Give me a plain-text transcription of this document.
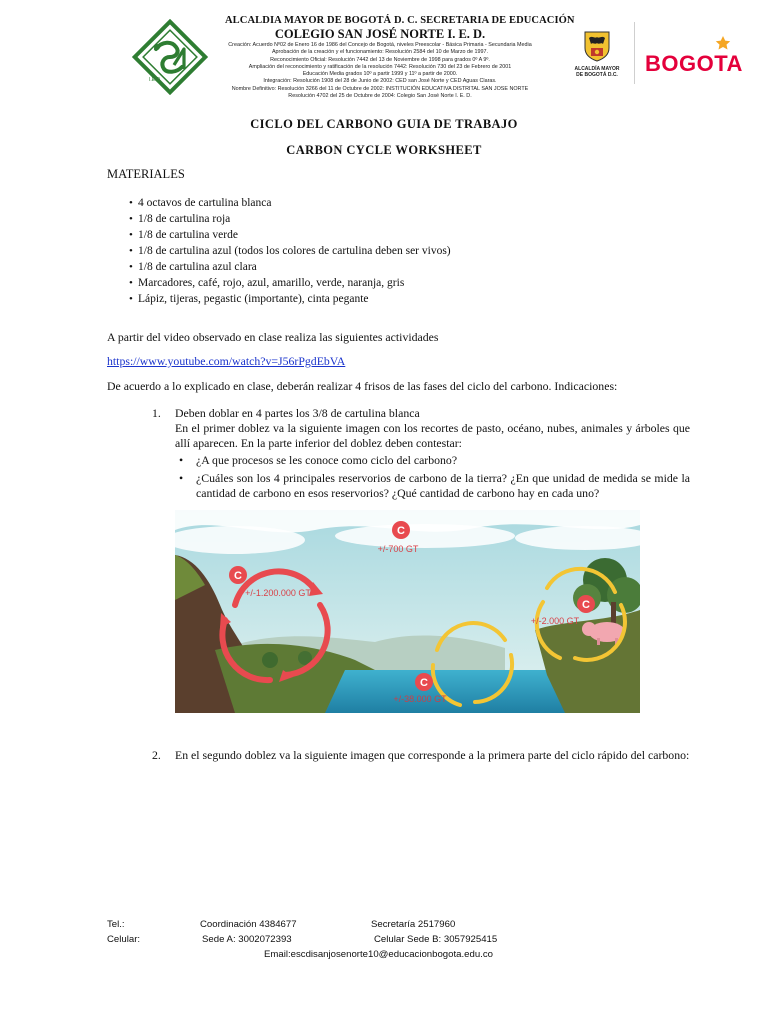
I.E.D.
ALCALDIA MAYOR DE BOGOTÁ D. C. SECRETARIA DE EDUCACIÓN
COLEGIO SAN JOSÉ NORTE I. E. D.
Creación: Acuerdo Nº02 de Enero 16 de 1986 del Concejo de Bogotá, niveles Preescolar - Básica Primaria - Secundaria Media
Aprobación de la creación y el funcionamiento: Resolución 2584 del 10 de Marzo de 1997.
Reconocimiento Oficial: Resolución 7442 del 13 de Noviembre de 1998 para grados 0º A 9º.
Ampliación del reconocimiento y ratificación de la resolución 7442: Resolución 730 del 23 de Febrero de 2001
Educación Media grados 10º a partir 1999 y 11º a partir de 2000.
Integración: Resolución 1908 del 28 de Junio de 2002: CED san José Norte y CED Aguas Claras.
Nombre Definitivo: Resolución 3266 del 11 de Octubre de 2002: INSTITUCIÓN EDUCATIVA DISTRITAL SAN JOSE NORTE
Resolución 4702 del 25 de Octubre de 2004: Colegio San José Norte I. E. D.
ALCALDÍA MAYOR
DE BOGOTÁ D.C.	BOGOTA
CICLO DEL CARBONO GUIA DE TRABAJO
CARBON CYCLE WORKSHEET
MATERIALES
• 4 octavos de cartulina blanca
• 1/8 de cartulina roja
• 1/8 de cartulina verde
• 1/8 de cartulina azul (todos los colores de cartulina deben ser vivos)
• 1/8 de cartulina azul clara
• Marcadores, café, rojo, azul, amarillo, verde, naranja, gris
• Lápiz, tijeras, pegastic (importante), cinta pegante
A partir del video observado en clase realiza las siguientes actividades
https://www.youtube.com/watch?v=J56rPgdEbVA
De acuerdo a lo explicado en clase, deberán realizar 4 frisos de las fases del ciclo del carbono. Indicaciones:
1. Deben doblar en 4 partes los 3/8 de cartulina blanca
En el primer doblez va la siguiente imagen con los recortes de pasto, océano, nubes, animales y árboles que allí aparecen. En la parte inferior del doblez deben contestar:
• ¿A que procesos se les conoce como ciclo del carbono?
• ¿Cuáles son los 4 principales reservorios de carbono de la tierra? ¿En que unidad de medida se mide la cantidad de carbono en esos reservorios? ¿Qué cantidad de carbono hay en cada uno?
C
C
C
C
+/-700 GT
+/-1.200.000 GT
+/-2.000 GT
+/-38.000 GT
2. En el segundo doblez va la siguiente imagen que corresponde a la primera parte del ciclo rápido del carbono:
Tel.:	Coordinación 4384677	Secretaría 2517960
Celular:	Sede A: 3002072393	Celular Sede B: 3057925415
Email:escdisanjosenorte10@educacionbogota.edu.co
